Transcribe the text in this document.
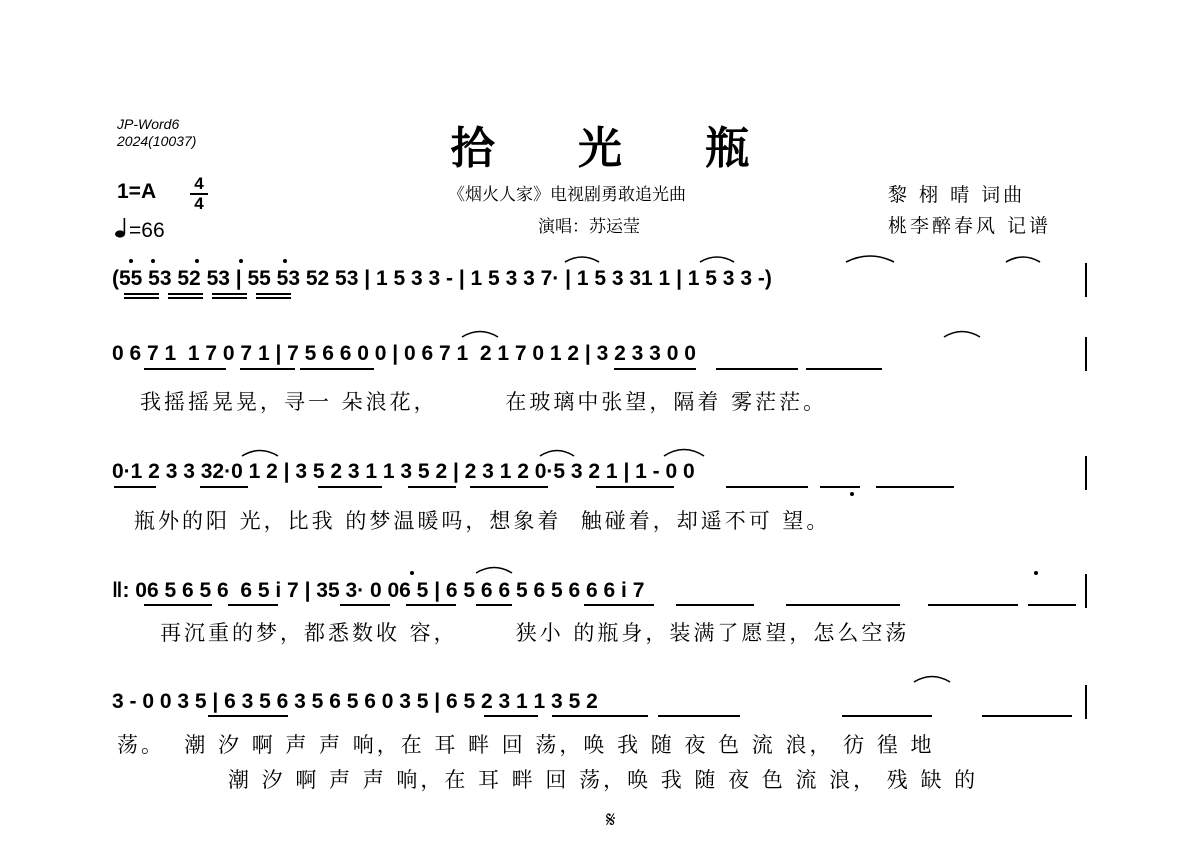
JP-Word6
2024(10037)	拾 光 瓶
1=A 4
4
=66
《烟火人家》电视剧勇敢追光曲
演唱：苏运莹
黎 栩 晴 词曲
桃李醉春风 记谱
(55 53 52 53 | 55 53 52 53 | 1 5 3 3 - | 1 5 3 3 7· | 1 5 3 31 1 | 1 5 3 3 -)
0 6 7 1  1 7 0 7 1 | 7 5 6 6 0 0 | 0 6 7 1  2 1 7 0 1 2 | 3 2 3 3 0 0
我摇摇晃晃，寻一 朵浪花，       在玻璃中张望，隔着 雾茫茫。
0·1 2 3 3 32·0 1 2 | 3 5 2 3 1 1 3 5 2 | 2 3 1 2 0·5 3 2 1 | 1 - 0 0
瓶外的阳 光，比我 的梦温暖吗，想象着  触碰着，却遥不可 望。
‖: 06 5 6 5 6  6 5 i 7 | 35 3· 0 06 5 | 6 5 6 6 5 6 5 6 6 6 i 7
再沉重的梦，都悉数收 容，      狭小 的瓶身，装满了愿望，怎么空荡
3 - 0 0 3 5 | 6 3 5 6 3 5 6 5 6 0 3 5 | 6 5 2 3 1 1 3 5 2
荡。  潮 汐 啊 声 声 响，在 耳 畔 回 荡，唤 我 随 夜 色 流 浪， 彷 徨 地
潮 汐 啊 声 声 响，在 耳 畔 回 荡，唤 我 随 夜 色 流 浪， 残 缺 的
𝄋
